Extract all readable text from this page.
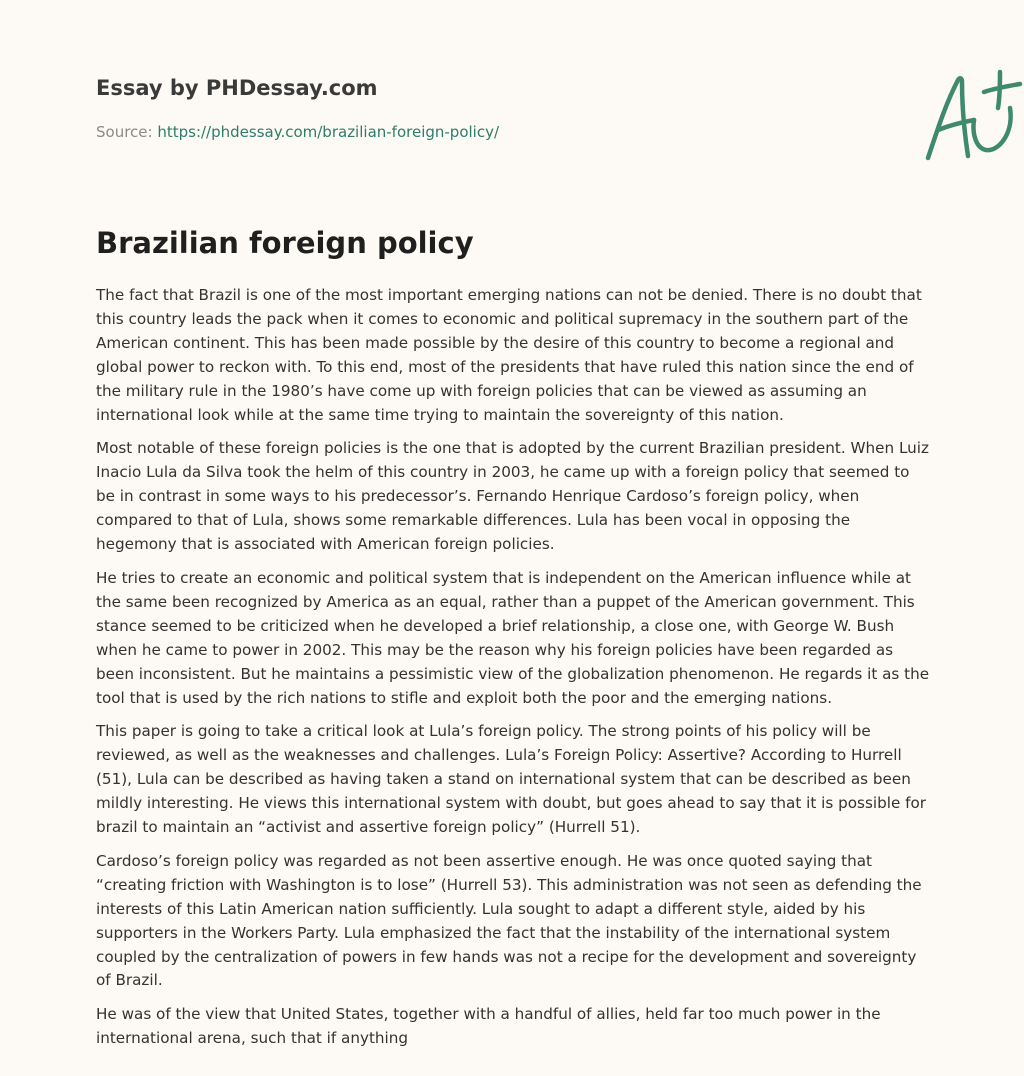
Essay by PHDessay.com
Source: https://phdessay.com/brazilian-foreign-policy/
Brazilian foreign policy

The fact that Brazil is one of the most important emerging nations can not be denied. There is no doubt that this country leads the pack when it comes to economic and political supremacy in the southern part of the American continent. This has been made possible by the desire of this country to become a regional and global power to reckon with. To this end, most of the presidents that have ruled this nation since the end of the military rule in the 1980’s have come up with foreign policies that can be viewed as assuming an international look while at the same time trying to maintain the sovereignty of this nation.

Most notable of these foreign policies is the one that is adopted by the current Brazilian president. When Luiz Inacio Lula da Silva took the helm of this country in 2003, he came up with a foreign policy that seemed to be in contrast in some ways to his predecessor’s. Fernando Henrique Cardoso’s foreign policy, when compared to that of Lula, shows some remarkable differences. Lula has been vocal in opposing the hegemony that is associated with American foreign policies.

He tries to create an economic and political system that is independent on the American influence while at the same been recognized by America as an equal, rather than a puppet of the American government. This stance seemed to be criticized when he developed a brief relationship, a close one, with George W. Bush when he came to power in 2002. This may be the reason why his foreign policies have been regarded as been inconsistent. But he maintains a pessimistic view of the globalization phenomenon. He regards it as the tool that is used by the rich nations to stifle and exploit both the poor and the emerging nations.

This paper is going to take a critical look at Lula’s foreign policy. The strong points of his policy will be reviewed, as well as the weaknesses and challenges. Lula’s Foreign Policy: Assertive? According to Hurrell (51), Lula can be described as having taken a stand on international system that can be described as been mildly interesting. He views this international system with doubt, but goes ahead to say that it is possible for brazil to maintain an “activist and assertive foreign policy” (Hurrell 51).

Cardoso’s foreign policy was regarded as not been assertive enough. He was once quoted saying that “creating friction with Washington is to lose” (Hurrell 53). This administration was not seen as defending the interests of this Latin American nation sufficiently. Lula sought to adapt a different style, aided by his supporters in the Workers Party. Lula emphasized the fact that the instability of the international system coupled by the centralization of powers in few hands was not a recipe for the development and sovereignty of Brazil.

He was of the view that United States, together with a handful of allies, held far too much power in the international arena, such that if anything
